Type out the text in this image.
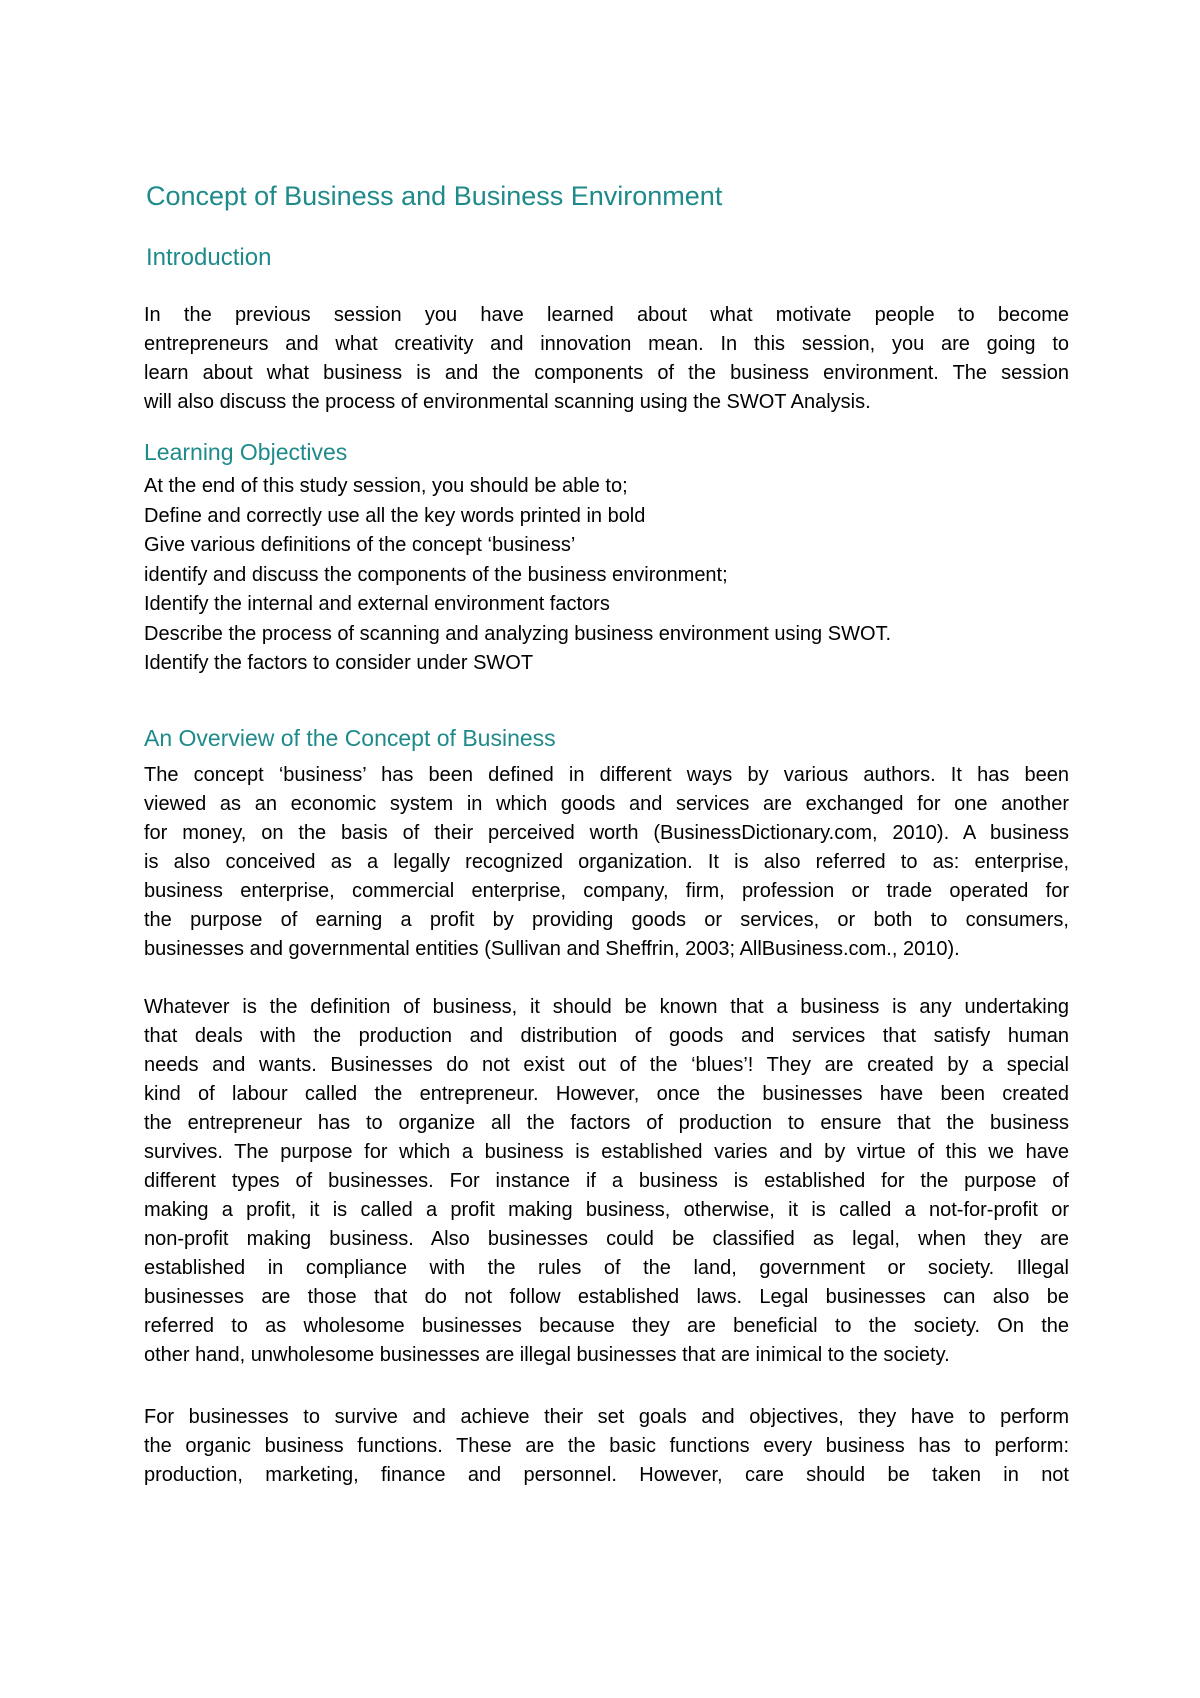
Concept of Business and Business Environment
Introduction

In the previous session you have learned about what motivate people to become
entrepreneurs and what creativity and innovation mean. In this session, you are going to
learn about what business is and the components of the business environment. The session
will also discuss the process of environmental scanning using the SWOT Analysis.

Learning Objectives

At the end of this study session, you should be able to;
Define and correctly use all the key words printed in bold
Give various definitions of the concept ‘business’
identify and discuss the components of the business environment;
Identify the internal and external environment factors
Describe the process of scanning and analyzing business environment using SWOT.
Identify the factors to consider under SWOT

An Overview of the Concept of Business

The concept ‘business’ has been defined in different ways by various authors. It has been
viewed as an economic system in which goods and services are exchanged for one another
for money, on the basis of their perceived worth (BusinessDictionary.com, 2010). A business
is also conceived as a legally recognized organization. It is also referred to as: enterprise,
business enterprise, commercial enterprise, company, firm, profession or trade operated for
the purpose of earning a profit by providing goods or services, or both to consumers,
businesses and governmental entities (Sullivan and Sheffrin, 2003; AllBusiness.com., 2010).

Whatever is the definition of business, it should be known that a business is any undertaking
that deals with the production and distribution of goods and services that satisfy human
needs and wants. Businesses do not exist out of the ‘blues’! They are created by a special
kind of labour called the entrepreneur. However, once the businesses have been created
the entrepreneur has to organize all the factors of production to ensure that the business
survives. The purpose for which a business is established varies and by virtue of this we have
different types of businesses. For instance if a business is established for the purpose of
making a profit, it is called a profit making business, otherwise, it is called a not-for-profit or
non-profit making business. Also businesses could be classified as legal, when they are
established in compliance with the rules of the land, government or society. Illegal
businesses are those that do not follow established laws. Legal businesses can also be
referred to as wholesome businesses because they are beneficial to the society. On the
other hand, unwholesome businesses are illegal businesses that are inimical to the society.

For businesses to survive and achieve their set goals and objectives, they have to perform
the organic business functions. These are the basic functions every business has to perform:
production, marketing, finance and personnel. However, care should be taken in not
